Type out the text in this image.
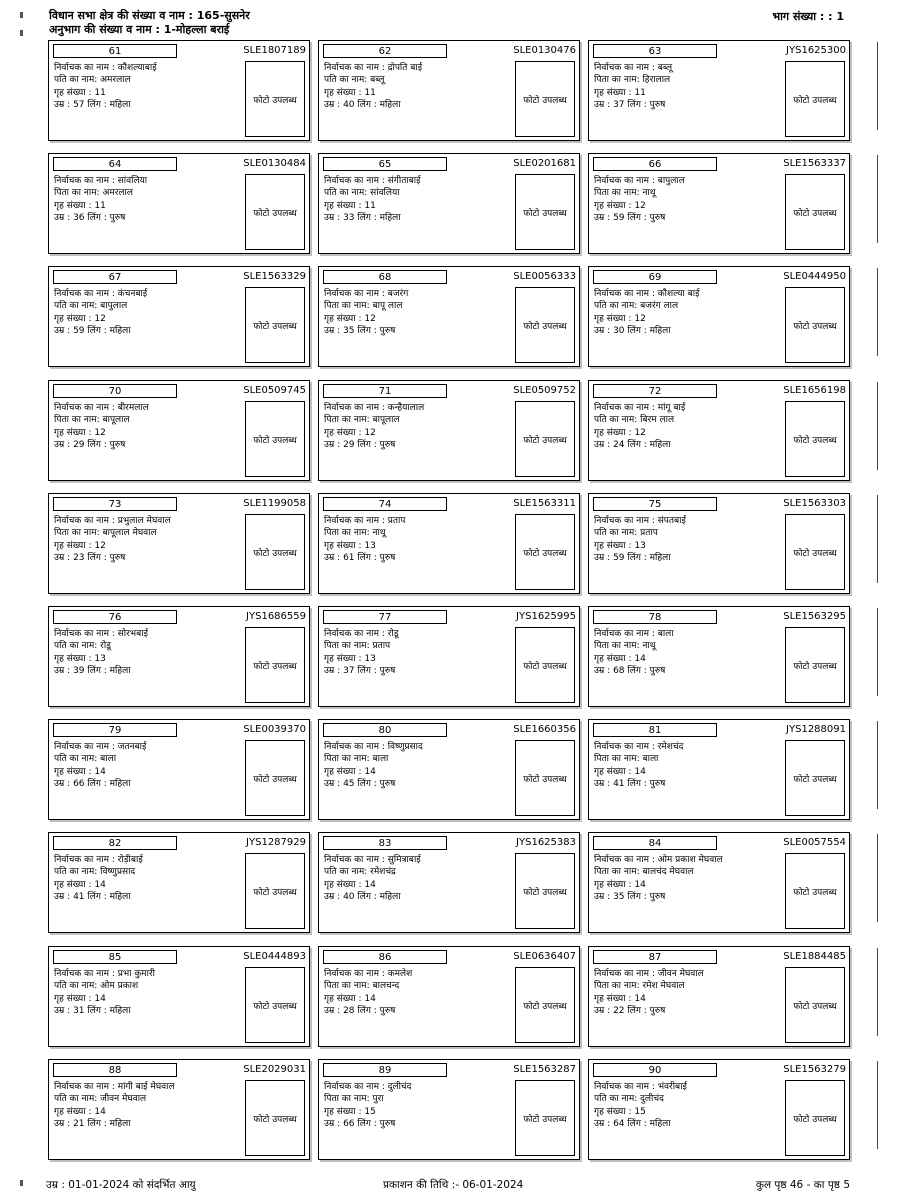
विधान सभा क्षेत्र की संख्या व नाम : 165-सुसनेर
अनुभाग की संख्या व नाम : 1-मोहल्ला बराई
भाग संख्या : : 1
61	SLE1807189
निर्वाचक का नाम : कौशल्याबाई
पति का नाम: अमरलाल
गृह संख्या : 11
उम्र : 57 लिंग : महिला	फोटो उपलब्ध
62	SLE0130476
निर्वाचक का नाम : द्रोपति बाई
पति का नाम: बब्लू
गृह संख्या : 11
उम्र : 40 लिंग : महिला	फोटो उपलब्ध
63	JYS1625300
निर्वाचक का नाम : बब्लू
पिता का नाम: हिरालाल
गृह संख्या : 11
उम्र : 37 लिंग : पुरुष	फोटो उपलब्ध
64	SLE0130484
निर्वाचक का नाम : सांवलिया
पिता का नाम: अमरलाल
गृह संख्या : 11
उम्र : 36 लिंग : पुरुष	फोटो उपलब्ध
65	SLE0201681
निर्वाचक का नाम : संगीताबाई
पति का नाम: सांवलिया
गृह संख्या : 11
उम्र : 33 लिंग : महिला	फोटो उपलब्ध
66	SLE1563337
निर्वाचक का नाम : बापुलाल
पिता का नाम: नाथू
गृह संख्या : 12
उम्र : 59 लिंग : पुरुष	फोटो उपलब्ध
67	SLE1563329
निर्वाचक का नाम : कंचनबाई
पति का नाम: बापुलाल
गृह संख्या : 12
उम्र : 59 लिंग : महिला	फोटो उपलब्ध
68	SLE0056333
निर्वाचक का नाम : बजरंग
पिता का नाम: बापू लाल
गृह संख्या : 12
उम्र : 35 लिंग : पुरुष	फोटो उपलब्ध
69	SLE0444950
निर्वाचक का नाम : कौशल्या बाई
पति का नाम: बजरंग लाल
गृह संख्या : 12
उम्र : 30 लिंग : महिला	फोटो उपलब्ध
70	SLE0509745
निर्वाचक का नाम : बीरमलाल
पिता का नाम: बापूलाल
गृह संख्या : 12
उम्र : 29 लिंग : पुरुष	फोटो उपलब्ध
71	SLE0509752
निर्वाचक का नाम : कन्हैयालाल
पिता का नाम: बापूलाल
गृह संख्या : 12
उम्र : 29 लिंग : पुरुष	फोटो उपलब्ध
72	SLE1656198
निर्वाचक का नाम : मांगू बाई
पति का नाम: बिरम लाल
गृह संख्या : 12
उम्र : 24 लिंग : महिला	फोटो उपलब्ध
73	SLE1199058
निर्वाचक का नाम : प्रभुलाल मेघवाल
पिता का नाम: बापूलाल मेघवाल
गृह संख्या : 12
उम्र : 23 लिंग : पुरुष	फोटो उपलब्ध
74	SLE1563311
निर्वाचक का नाम : प्रताप
पिता का नाम: नाथू
गृह संख्या : 13
उम्र : 61 लिंग : पुरुष	फोटो उपलब्ध
75	SLE1563303
निर्वाचक का नाम : संपतबाई
पति का नाम: प्रताप
गृह संख्या : 13
उम्र : 59 लिंग : महिला	फोटो उपलब्ध
76	JYS1686559
निर्वाचक का नाम : सोरभबाई
पति का नाम: रोडू
गृह संख्या : 13
उम्र : 39 लिंग : महिला	फोटो उपलब्ध
77	JYS1625995
निर्वाचक का नाम : रोडू
पिता का नाम: प्रताप
गृह संख्या : 13
उम्र : 37 लिंग : पुरुष	फोटो उपलब्ध
78	SLE1563295
निर्वाचक का नाम : बाला
पिता का नाम: नाथू
गृह संख्या : 14
उम्र : 68 लिंग : पुरुष	फोटो उपलब्ध
79	SLE0039370
निर्वाचक का नाम : जतनबाई
पति का नाम: बाला
गृह संख्या : 14
उम्र : 66 लिंग : महिला	फोटो उपलब्ध
80	SLE1660356
निर्वाचक का नाम : विष्णुप्रसाद
पिता का नाम: बाला
गृह संख्या : 14
उम्र : 45 लिंग : पुरुष	फोटो उपलब्ध
81	JYS1288091
निर्वाचक का नाम : रमेशचंद
पिता का नाम: बाला
गृह संख्या : 14
उम्र : 41 लिंग : पुरुष	फोटो उपलब्ध
82	JYS1287929
निर्वाचक का नाम : रोड़ीबाई
पति का नाम: विष्णुप्रसाद
गृह संख्या : 14
उम्र : 41 लिंग : महिला	फोटो उपलब्ध
83	JYS1625383
निर्वाचक का नाम : सुमित्राबाई
पति का नाम: रमेशचंद्र
गृह संख्या : 14
उम्र : 40 लिंग : महिला	फोटो उपलब्ध
84	SLE0057554
निर्वाचक का नाम : ओम प्रकाश मेघवाल
पिता का नाम: बालचंद मेघवाल
गृह संख्या : 14
उम्र : 35 लिंग : पुरुष	फोटो उपलब्ध
85	SLE0444893
निर्वाचक का नाम : प्रभा कुमारी
पति का नाम: ओम प्रकाश
गृह संख्या : 14
उम्र : 31 लिंग : महिला	फोटो उपलब्ध
86	SLE0636407
निर्वाचक का नाम : कमलेश
पिता का नाम: बालचन्द
गृह संख्या : 14
उम्र : 28 लिंग : पुरुष	फोटो उपलब्ध
87	SLE1884485
निर्वाचक का नाम : जीवन मेघवाल
पिता का नाम: रमेश मेघवाल
गृह संख्या : 14
उम्र : 22 लिंग : पुरुष	फोटो उपलब्ध
88	SLE2029031
निर्वाचक का नाम : मांगी बाई मेघवाल
पति का नाम: जीवन मेघवाल
गृह संख्या : 14
उम्र : 21 लिंग : महिला	फोटो उपलब्ध
89	SLE1563287
निर्वाचक का नाम : दुलीचंद
पिता का नाम: पुरा
गृह संख्या : 15
उम्र : 66 लिंग : पुरुष	फोटो उपलब्ध
90	SLE1563279
निर्वाचक का नाम : भंवरीबाई
पति का नाम: दुलीचंद
गृह संख्या : 15
उम्र : 64 लिंग : महिला	फोटो उपलब्ध
उम्र : 01-01-2024 को संदर्भित आयु	प्रकाशन की तिथि :- 06-01-2024	कुल पृष्ठ 46 - का पृष्ठ 5
